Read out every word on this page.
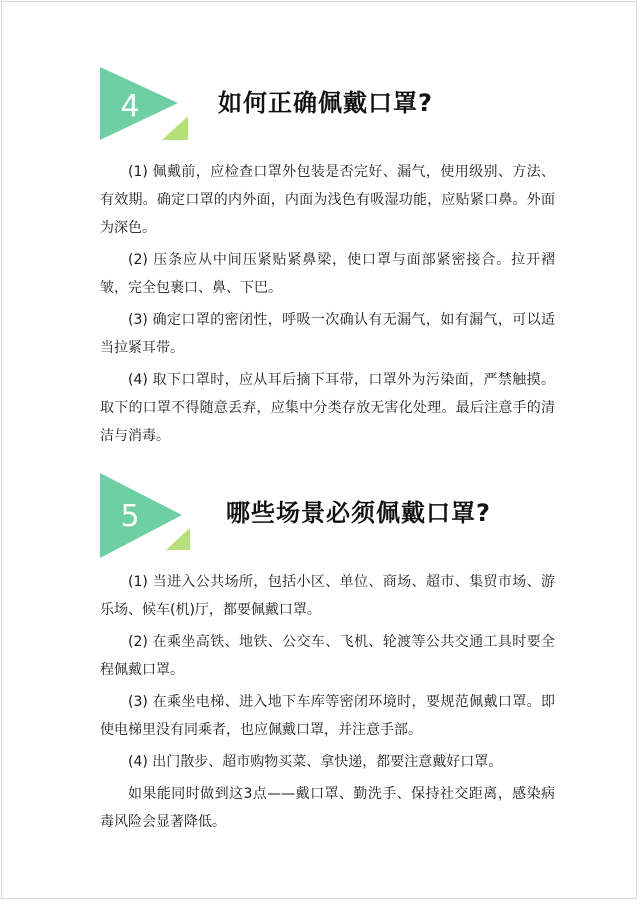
4	如何正确佩戴口罩?

(1) 佩戴前，应检查口罩外包装是否完好、漏气，使用级别、方法、有效期。确定口罩的内外面，内面为浅色有吸湿功能，应贴紧口鼻。外面为深色。

(2) 压条应从中间压紧贴紧鼻梁，使口罩与面部紧密接合。拉开褶皱，完全包裹口、鼻、下巴。

(3) 确定口罩的密闭性，呼吸一次确认有无漏气，如有漏气，可以适当拉紧耳带。

(4) 取下口罩时，应从耳后摘下耳带，口罩外为污染面，严禁触摸。取下的口罩不得随意丢弃，应集中分类存放无害化处理。最后注意手的清洁与消毒。

5	哪些场景必须佩戴口罩?

(1) 当进入公共场所，包括小区、单位、商场、超市、集贸市场、游乐场、候车(机)厅，都要佩戴口罩。

(2) 在乘坐高铁、地铁、公交车、飞机、轮渡等公共交通工具时要全程佩戴口罩。

(3) 在乘坐电梯、进入地下车库等密闭环境时，要规范佩戴口罩。即使电梯里没有同乘者，也应佩戴口罩，并注意手部。

(4) 出门散步、超市购物买菜、拿快递，都要注意戴好口罩。

如果能同时做到这3点——戴口罩、勤洗手、保持社交距离，感染病毒风险会显著降低。
